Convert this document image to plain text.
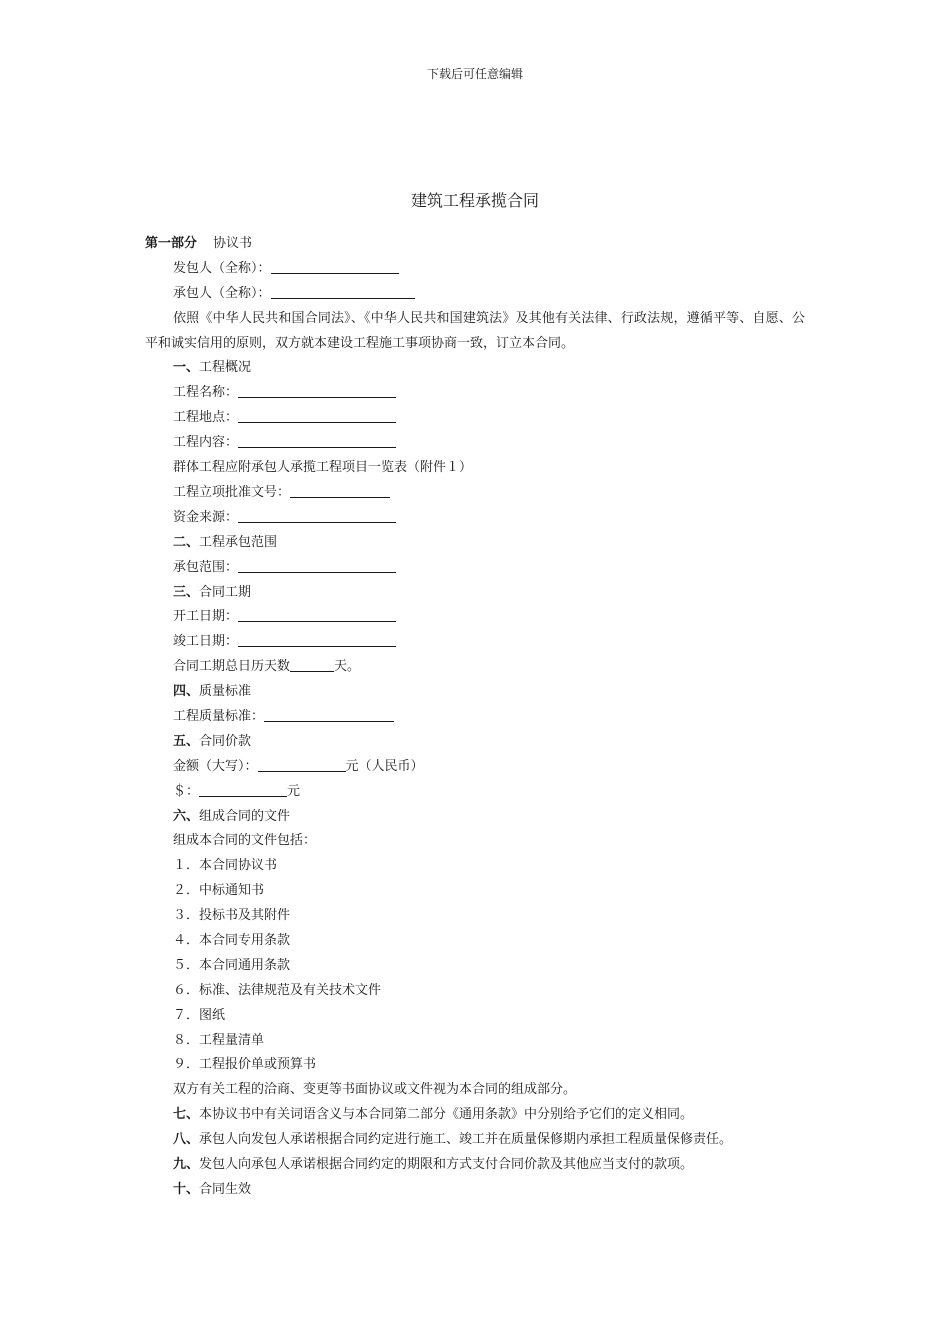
下载后可任意编辑
建筑工程承揽合同
第一部分 协议书
发包人（全称）：
承包人（全称）：
依照《中华人民共和国合同法》、《中华人民共和国建筑法》及其他有关法律、行政法规，遵循平等、自愿、公平和诚实信用的原则，双方就本建设工程施工事项协商一致，订立本合同。
一、工程概况
工程名称：
工程地点：
工程内容：
群体工程应附承包人承揽工程项目一览表（附件１）
工程立项批准文号：
资金来源：
二、工程承包范围
承包范围：
三、合同工期
开工日期：
竣工日期：
合同工期总日历天数	天。
四、质量标准
工程质量标准：
五、合同价款
金额（大写）：	元（人民币）
＄：	元
六、组成合同的文件
组成本合同的文件包括：
１．本合同协议书
２．中标通知书
３．投标书及其附件
４．本合同专用条款
５．本合同通用条款
６．标准、法律规范及有关技术文件
７．图纸
８．工程量清单
９．工程报价单或预算书
双方有关工程的洽商、变更等书面协议或文件视为本合同的组成部分。
七、本协议书中有关词语含义与本合同第二部分《通用条款》中分别给予它们的定义相同。
八、承包人向发包人承诺根据合同约定进行施工、竣工并在质量保修期内承担工程质量保修责任。
九、发包人向承包人承诺根据合同约定的期限和方式支付合同价款及其他应当支付的款项。
十、合同生效
